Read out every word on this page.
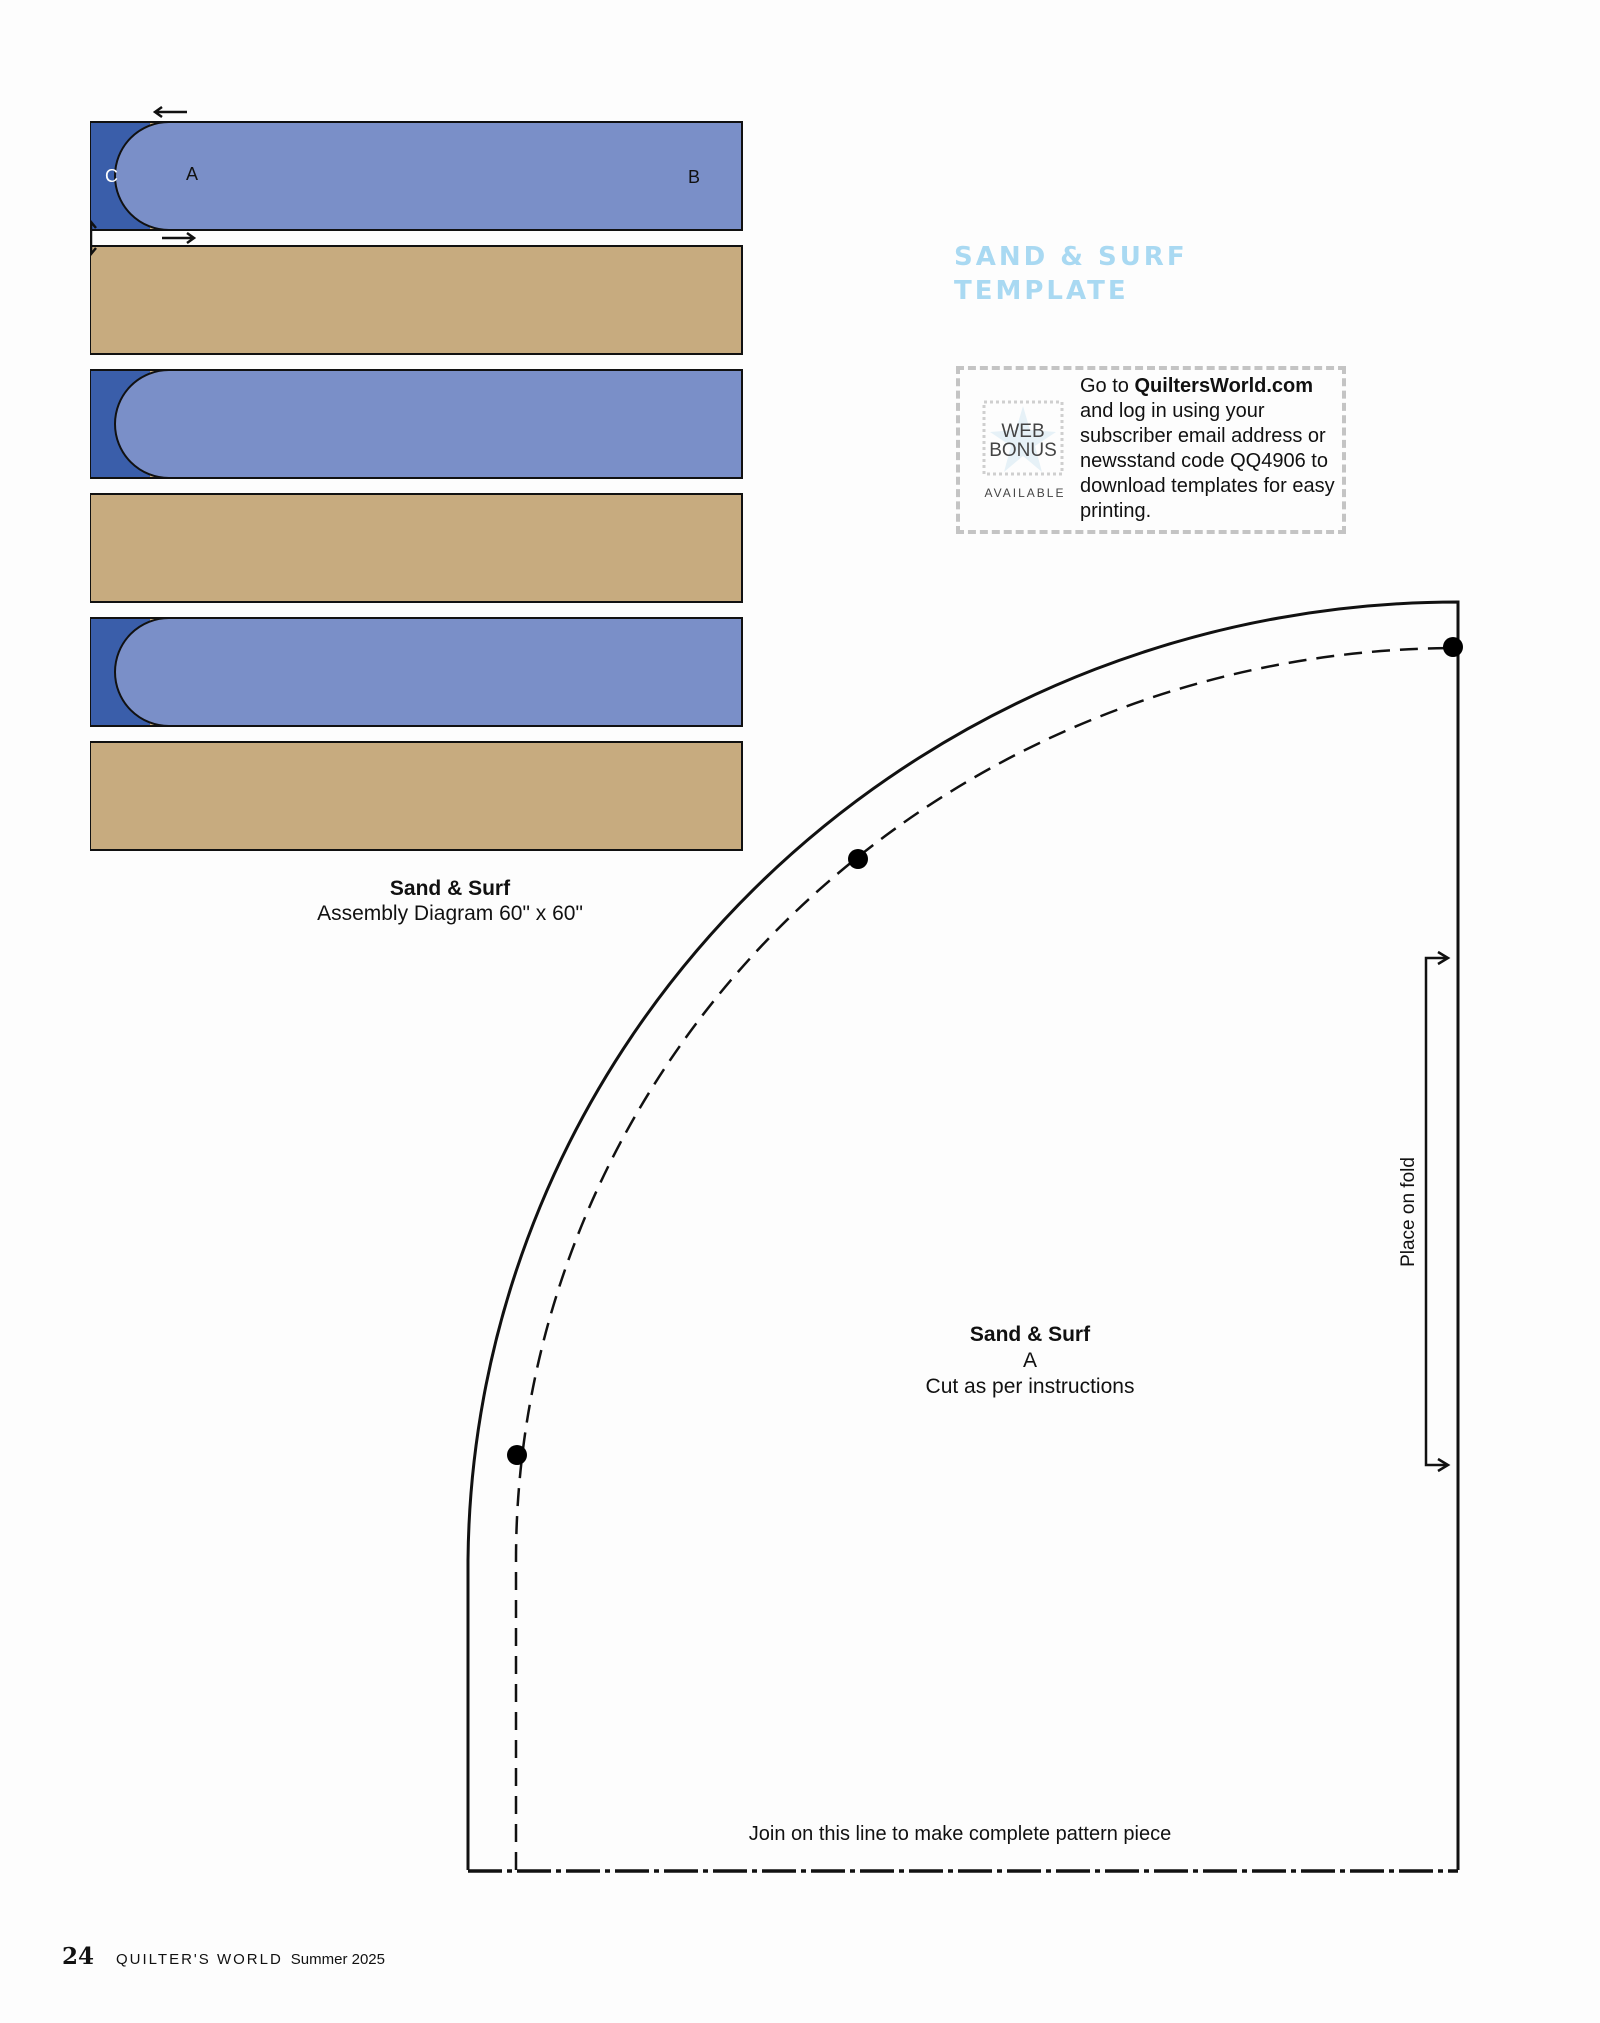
C	A	B
Sand & Surf
Assembly Diagram 60" x 60"
SAND & SURF
TEMPLATE
WEB
BONUS
AVAILABLE
Go to QuiltersWorld.com and log in using your subscriber email address or newsstand code QQ4906 to download templates for easy printing.
Sand & Surf
A
Cut as per instructions
Place on fold
Join on this line to make complete pattern piece
24 QUILTER'S WORLD Summer 2025
